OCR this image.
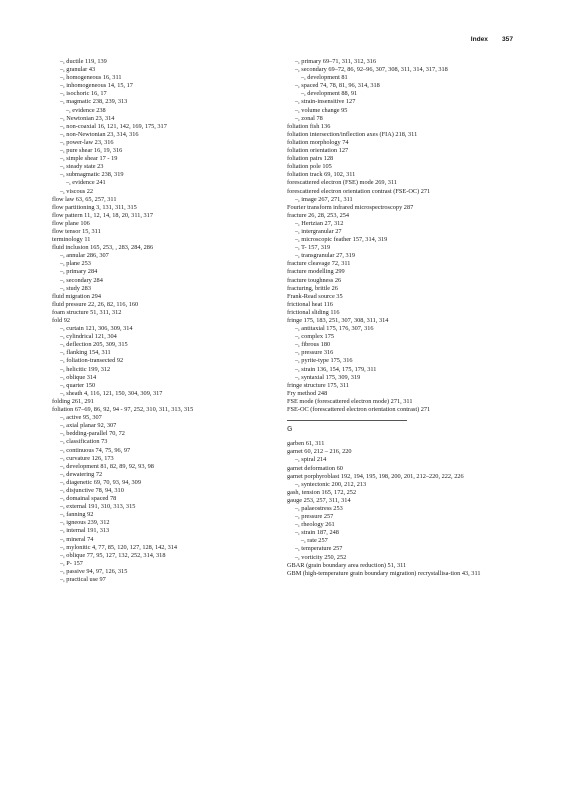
Index 357
–, ductile 119, 139
–, granular 43
–, homogeneous 16, 311
–, inhomogeneous 14, 15, 17
–, isochoric 16, 17
–, magmatic 238, 239, 313
–, evidence 238
–, Newtonian 23, 314
–, non-coaxial 16, 121, 142, 169, 175, 317
–, non-Newtonian 23, 314, 316
–, power-law 23, 316
–, pure shear 16, 19, 316
–, simple shear 17 - 19
–, steady state 23
–, submagmatic 238, 319
–, evidence 241
–, viscous 22
flow law 63, 65, 257, 311
flow partitioning 3, 131, 311, 315
flow pattern 11, 12, 14, 18, 20, 311, 317
flow plane 106
flow tensor 15, 311
terminology 11
fluid inclusion 165, 253, , 283, 284, 286
–, annular 286, 307
–, plane 253
–, primary 284
–, secondary 284
–, study 283
fluid migration 294
fluid pressure 22, 26, 82, 116, 160
foam structure 51, 311, 312
fold 92
–, curtain 121, 306, 309, 314
–, cylindrical 121, 304
–, deflection 205, 309, 315
–, flanking 154, 311
–, foliation-transected 92
–, helicitic 199, 312
–, oblique 314
–, quarter 150
–, sheath 4, 116, 121, 150, 304, 309, 317
folding 261, 291
foliation 67–69, 86, 92, 94 - 97, 252, 310, 311, 313, 315
–, active 95, 307
–, axial planar 92, 307
–, bedding-parallel 70, 72
–, classification 73
–, continuous 74, 75, 96, 97
–, curvature 126, 173
–, development 81, 82, 89, 92, 93, 98
–, dewatering 72
–, diagenetic 69, 70, 93, 94, 309
–, disjunctive 78, 94, 310
–, domainal spaced 78
–, external 191, 310, 313, 315
–, fanning 92
–, igneous 239, 312
–, internal 191, 313
–, mineral 74
–, mylonitic 4, 77, 85, 120, 127, 128, 142, 314
–, oblique 77, 95, 127, 132, 252, 314, 318
–, P- 157
–, passive 94, 97, 126, 315
–, practical use 97
–, primary 69–71, 311, 312, 316
–, secondary 69–72, 86, 92–96, 307, 308, 311, 314, 317, 318
–, development 81
–, spaced 74, 78, 81, 96, 314, 318
–, development 88, 91
–, strain-insensitive 127
–, volume change 95
–, zonal 78
foliation fish 136
foliation intersection/inflection axes (FIA) 218, 311
foliation morphology 74
foliation orientation 127
foliation pairs 128
foliation pole 105
foliation track 69, 102, 311
forescattered electron (FSE) mode 269, 311
forescattered electron orientation contrast (FSE-OC) 271
–, image 267, 271, 311
Fourier transform infrared microspectroscopy 287
fracture 26, 28, 253, 254
–, Hertzian 27, 312
–, intergranular 27
–, microscopic feather 157, 314, 319
–, T- 157, 319
–, transgranular 27, 319
fracture cleavage 72, 311
fracture modelling 299
fracture toughness 26
fracturing, brittle 26
Frank-Read source 35
frictional heat 116
frictional sliding 116
fringe 175, 183, 251, 307, 308, 311, 314
–, antitaxial 175, 176, 307, 316
–, complex 175
–, fibrous 180
–, pressure 316
–, pyrite-type 175, 316
–, strain 136, 154, 175, 179, 311
–, syntaxial 175, 309, 319
fringe structure 175, 311
Fry method 248
FSE mode (forescattered electron mode) 271, 311
FSE-OC (forescattered electron orientation contrast) 271
G
garben 61, 311
garnet 60, 212 – 216, 220
–, spiral 214
garnet deformation 60
garnet porphyroblast 192, 194, 195, 198, 200, 201, 212–220, 222, 226
–, syntectonic 200, 212, 213
gash, tension 165, 172, 252
gauge 253, 257, 311, 314
–, palaeostress 253
–, pressure 257
–, rheology 261
–, strain 187, 248
–, rate 257
–, temperature 257
–, vorticity 250, 252
GBAR (grain boundary area reduction) 51, 311
GBM (high-temperature grain boundary migration) recrystallisa-tion 43, 311
